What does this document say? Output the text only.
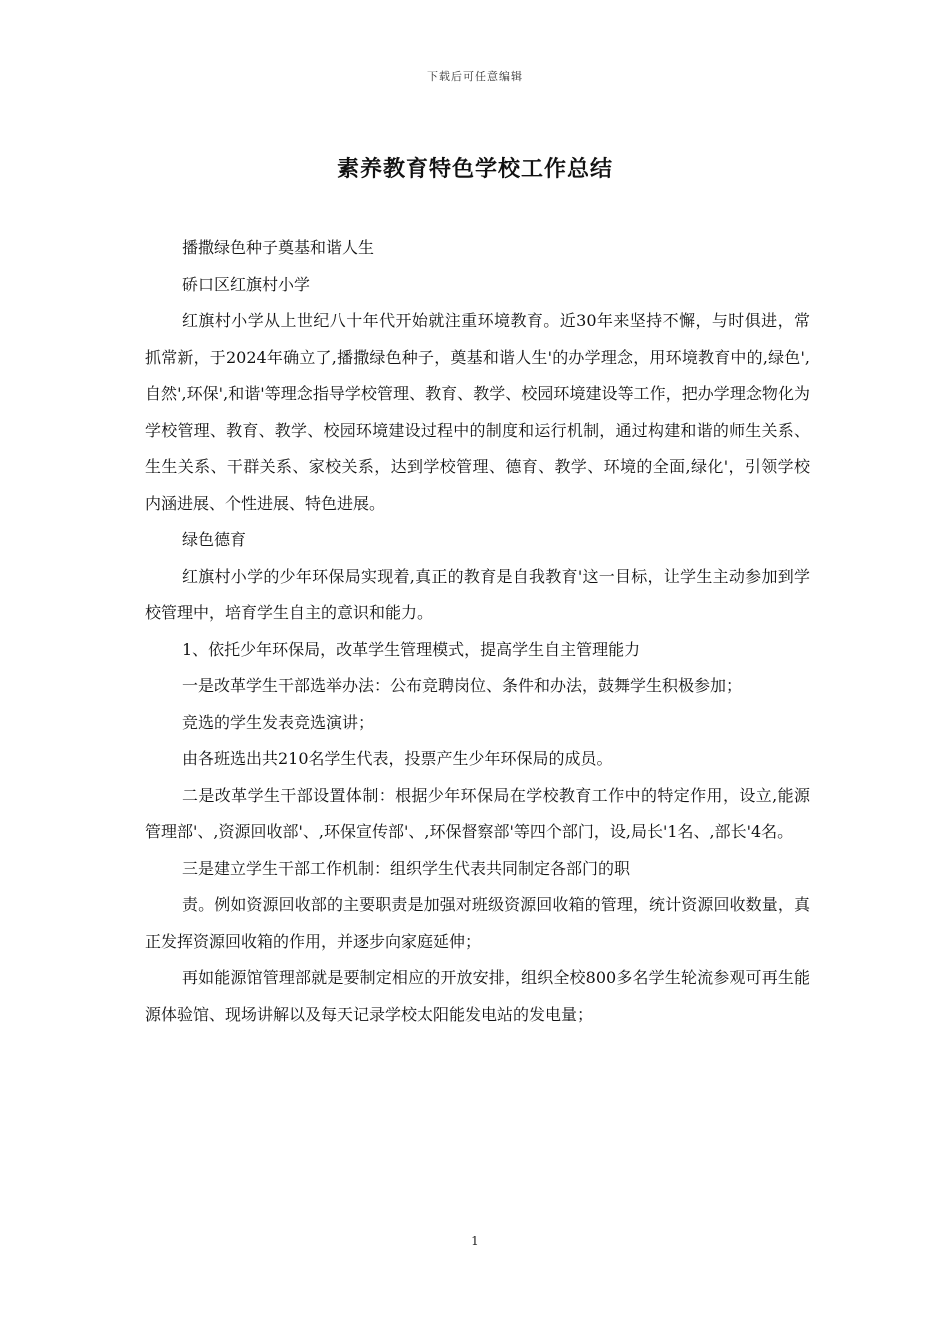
下载后可任意编辑
素养教育特色学校工作总结

播撒绿色种子奠基和谐人生

硚口区红旗村小学

红旗村小学从上世纪八十年代开始就注重环境教育。近30年来坚持不懈，与时俱进，常抓常新，于2024年确立了,播撒绿色种子，奠基和谐人生'的办学理念，用环境教育中的,绿色',自然',环保',和谐'等理念指导学校管理、教育、教学、校园环境建设等工作，把办学理念物化为学校管理、教育、教学、校园环境建设过程中的制度和运行机制，通过构建和谐的师生关系、生生关系、干群关系、家校关系，达到学校管理、德育、教学、环境的全面,绿化'，引领学校内涵进展、个性进展、特色进展。

绿色德育

红旗村小学的少年环保局实现着,真正的教育是自我教育'这一目标，让学生主动参加到学校管理中，培育学生自主的意识和能力。

1、依托少年环保局，改革学生管理模式，提高学生自主管理能力

一是改革学生干部选举办法：公布竞聘岗位、条件和办法，鼓舞学生积极参加；

竞选的学生发表竞选演讲；

由各班选出共210名学生代表，投票产生少年环保局的成员。

二是改革学生干部设置体制：根据少年环保局在学校教育工作中的特定作用，设立,能源管理部'、,资源回收部'、,环保宣传部'、,环保督察部'等四个部门，设,局长'1名、,部长'4名。

三是建立学生干部工作机制：组织学生代表共同制定各部门的职

责。例如资源回收部的主要职责是加强对班级资源回收箱的管理，统计资源回收数量，真正发挥资源回收箱的作用，并逐步向家庭延伸；

再如能源馆管理部就是要制定相应的开放安排，组织全校800多名学生轮流参观可再生能源体验馆、现场讲解以及每天记录学校太阳能发电站的发电量；

1
